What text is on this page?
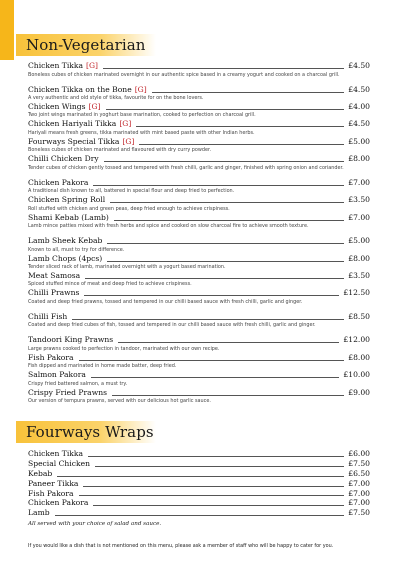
Non-Vegetarian
Chicken Tikka [G]	£4.50
Boneless cubes of chicken marinated overnight in our authentic spice based in a creamy yogurt and cooked on a charcoal grill.
Chicken Tikka on the Bone [G]	£4.50
A very authentic and old style of tikka, favourite for on the bone lovers.
Chicken Wings [G]	£4.00
Two joint wings marinated in yoghurt base marination, cooked to perfection on charcoal grill.
Chicken Hariyali Tikka [G]	£4.50
Hariyali means fresh greens, tikka marinated with mint based paste with other Indian herbs.
Fourways Special Tikka [G]	£5.00
Boneless cubes of chicken marinated and flavoured with dry curry powder.
Chilli Chicken Dry	£8.00
Tender cubes of chicken gently tossed and tempered with fresh chilli, garlic and ginger, finished with spring onion and coriander.
Chicken Pakora	£7.00
A traditional dish known to all, battered in special flour and deep fried to perfection.
Chicken Spring Roll	£3.50
Roll stuffed with chicken and green peas, deep fried enough to achieve crispiness.
Shami Kebab (Lamb)	£7.00
Lamb mince patties mixed with fresh herbs and spice and cooked on slow charcoal fire to achieve smooth texture.
Lamb Sheek Kebab	£5.00
Known to all, must to try for difference.
Lamb Chops (4pcs)	£8.00
Tender sliced rack of lamb, marinated overnight with a yogurt based marination.
Meat Samosa	£3.50
Spiced stuffed mince of meat and deep fried to achieve crispiness.
Chilli Prawns	£12.50
Coated and deep fried prawns, tossed and tempered in our chilli based sauce with fresh chilli, garlic and ginger.
Chilli Fish	£8.50
Coated and deep fried cubes of fish, tossed and tempered in our chilli based sauce with fresh chilli, garlic and ginger.
Tandoori King Prawns	£12.00
Large prawns cooked to perfection in tandoor, marinated with our own recipe.
Fish Pakora	£8.00
Fish dipped and marinated in home made batter, deep fried.
Salmon Pakora	£10.00
Crispy fried battered salmon, a must try.
Crispy Fried Prawns	£9.00
Our version of tempura prawns, served with our delicious hot garlic sauce.
Fourways Wraps
Chicken Tikka	£6.00
Special Chicken	£7.50
Kebab	£6.50
Paneer Tikka	£7.00
Fish Pakora	£7.00
Chicken Pakora	£7.00
Lamb	£7.50
All served with your choice of salad and sauce.
If you would like a dish that is not mentioned on this menu, please ask a member of staff who will be happy to cater for you.
